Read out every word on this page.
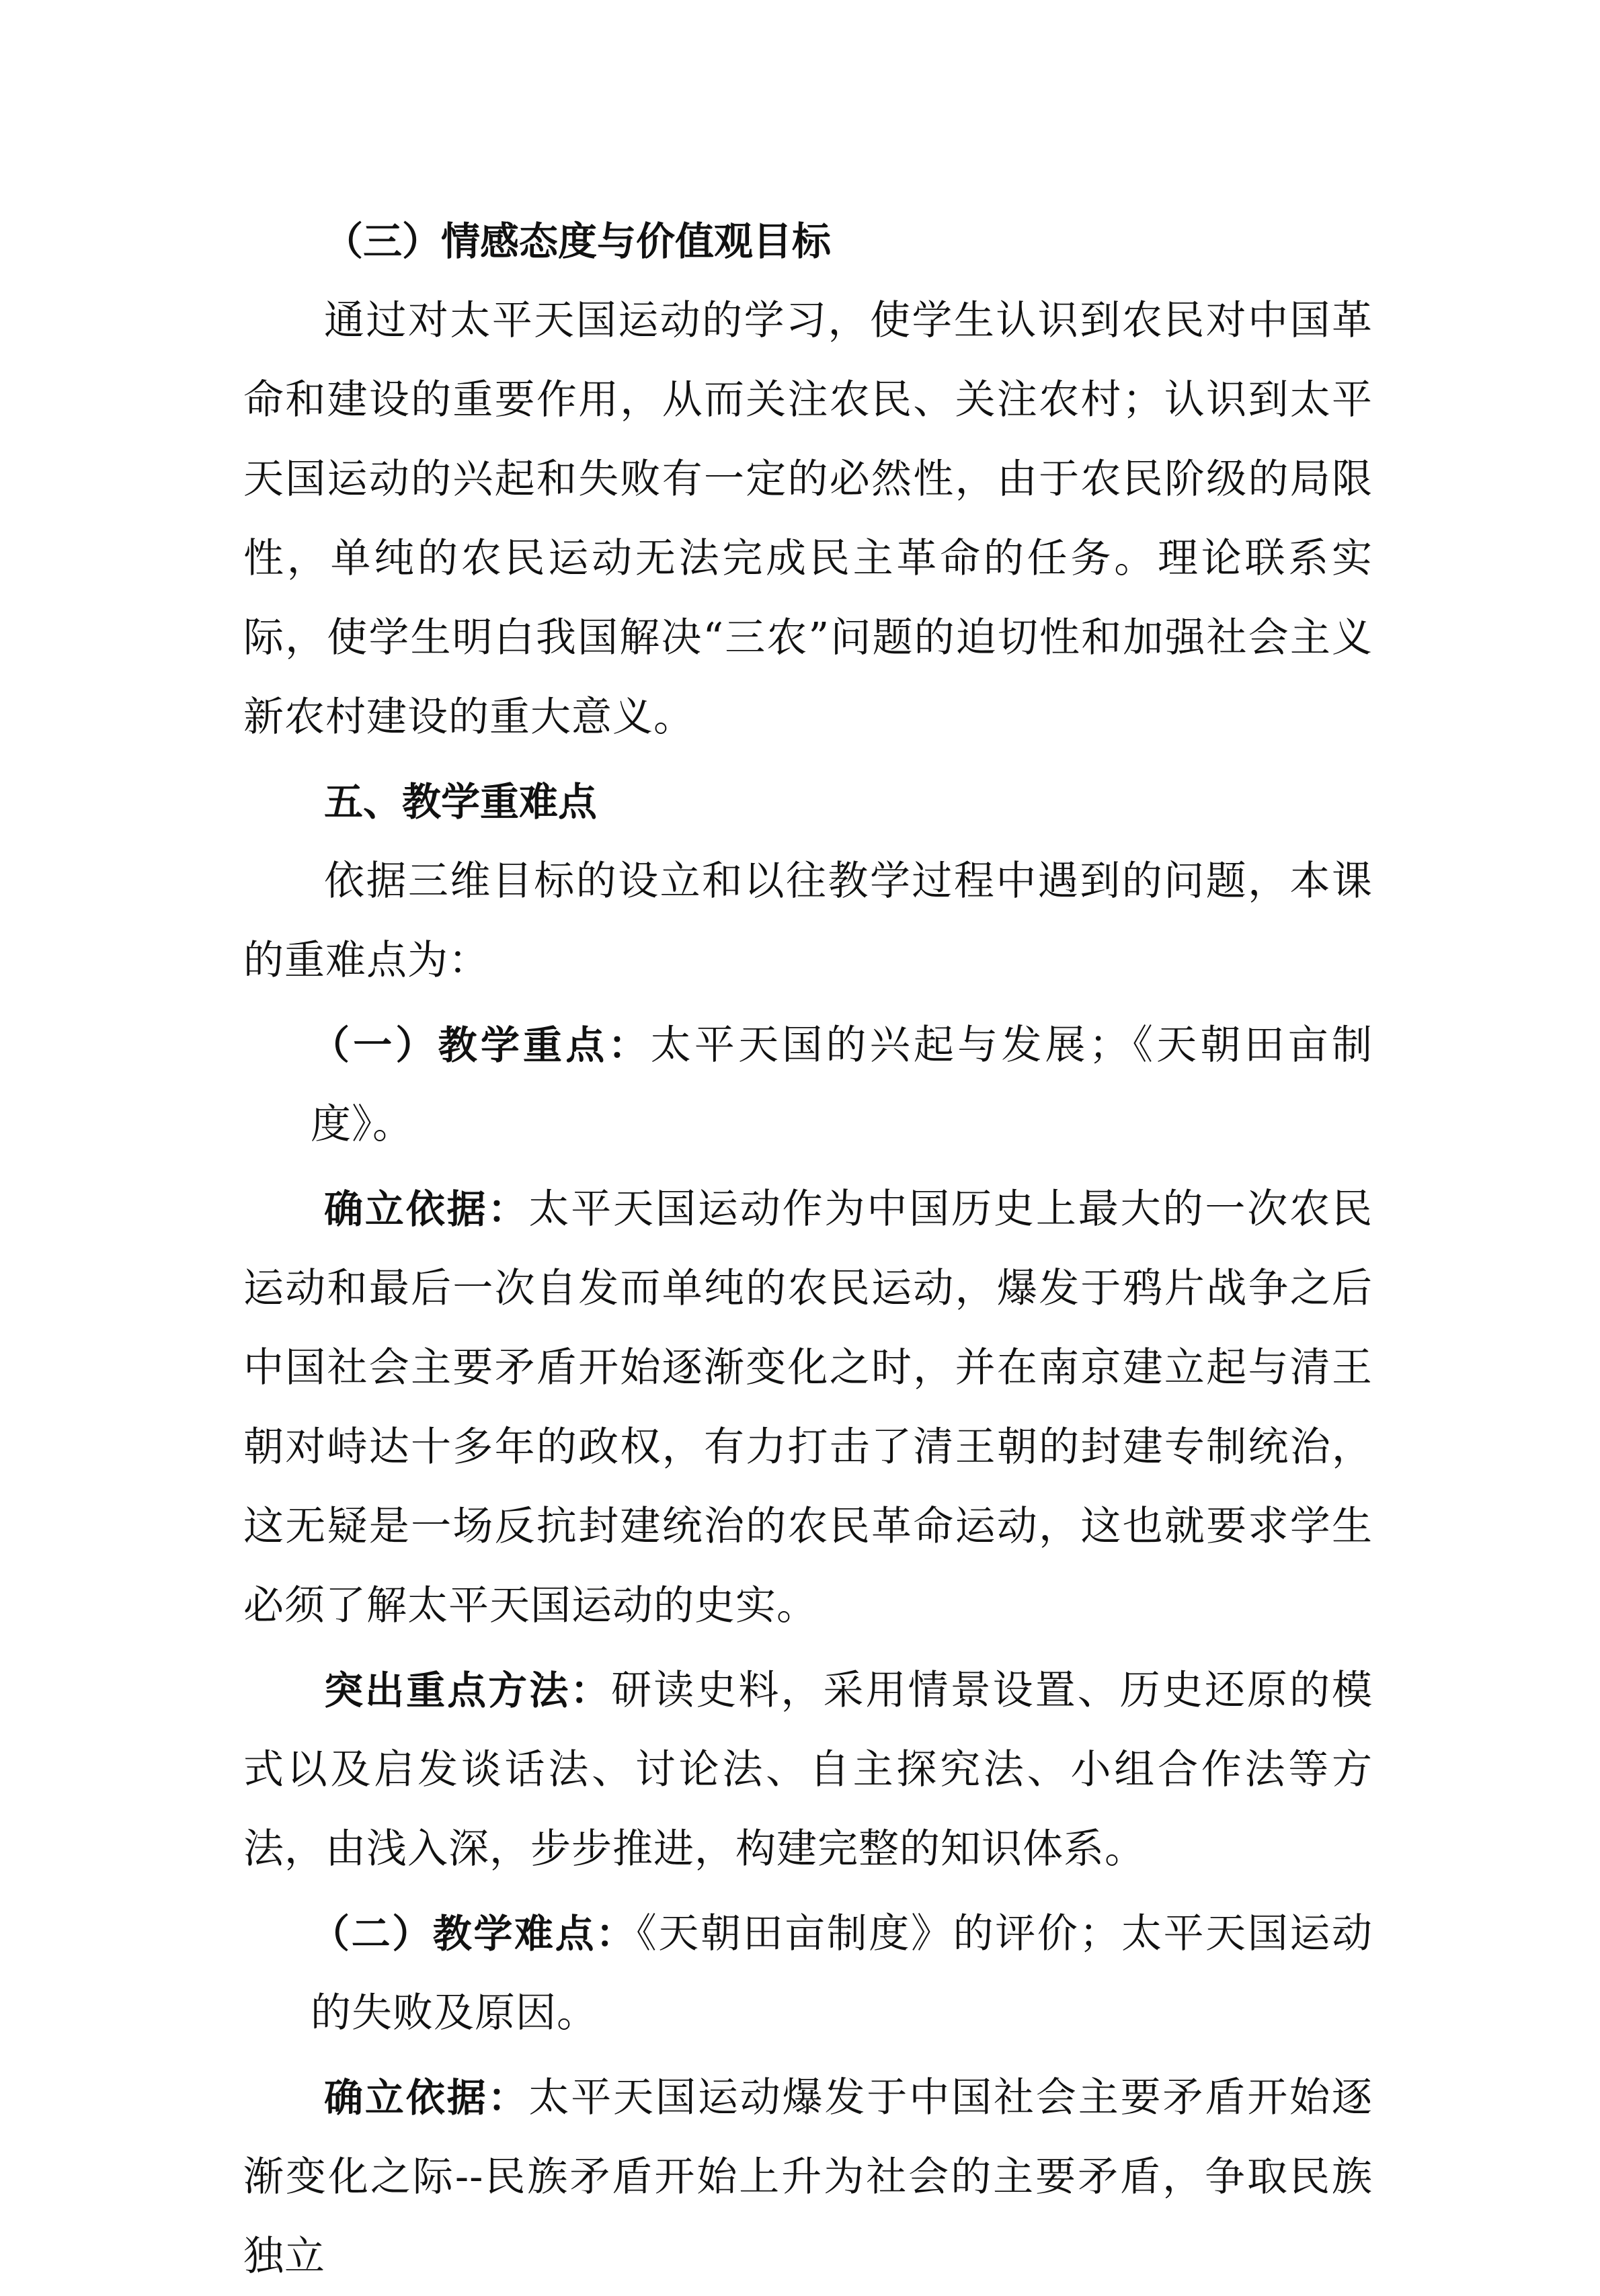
（三）情感态度与价值观目标

通过对太平天国运动的学习，使学生认识到农民对中国革命和建设的重要作用，从而关注农民、关注农村；认识到太平天国运动的兴起和失败有一定的必然性，由于农民阶级的局限性，单纯的农民运动无法完成民主革命的任务。理论联系实际，使学生明白我国解决“三农”问题的迫切性和加强社会主义新农村建设的重大意义。

五、教学重难点

依据三维目标的设立和以往教学过程中遇到的问题，本课的重难点为：

（一）教学重点：太平天国的兴起与发展；《天朝田亩制度》。

确立依据：太平天国运动作为中国历史上最大的一次农民运动和最后一次自发而单纯的农民运动，爆发于鸦片战争之后中国社会主要矛盾开始逐渐变化之时，并在南京建立起与清王朝对峙达十多年的政权，有力打击了清王朝的封建专制统治，这无疑是一场反抗封建统治的农民革命运动，这也就要求学生必须了解太平天国运动的史实。

突出重点方法：研读史料，采用情景设置、历史还原的模式以及启发谈话法、讨论法、自主探究法、小组合作法等方法，由浅入深，步步推进，构建完整的知识体系。

（二）教学难点：《天朝田亩制度》的评价；太平天国运动的失败及原因。

确立依据：太平天国运动爆发于中国社会主要矛盾开始逐渐变化之际--民族矛盾开始上升为社会的主要矛盾，争取民族独立
